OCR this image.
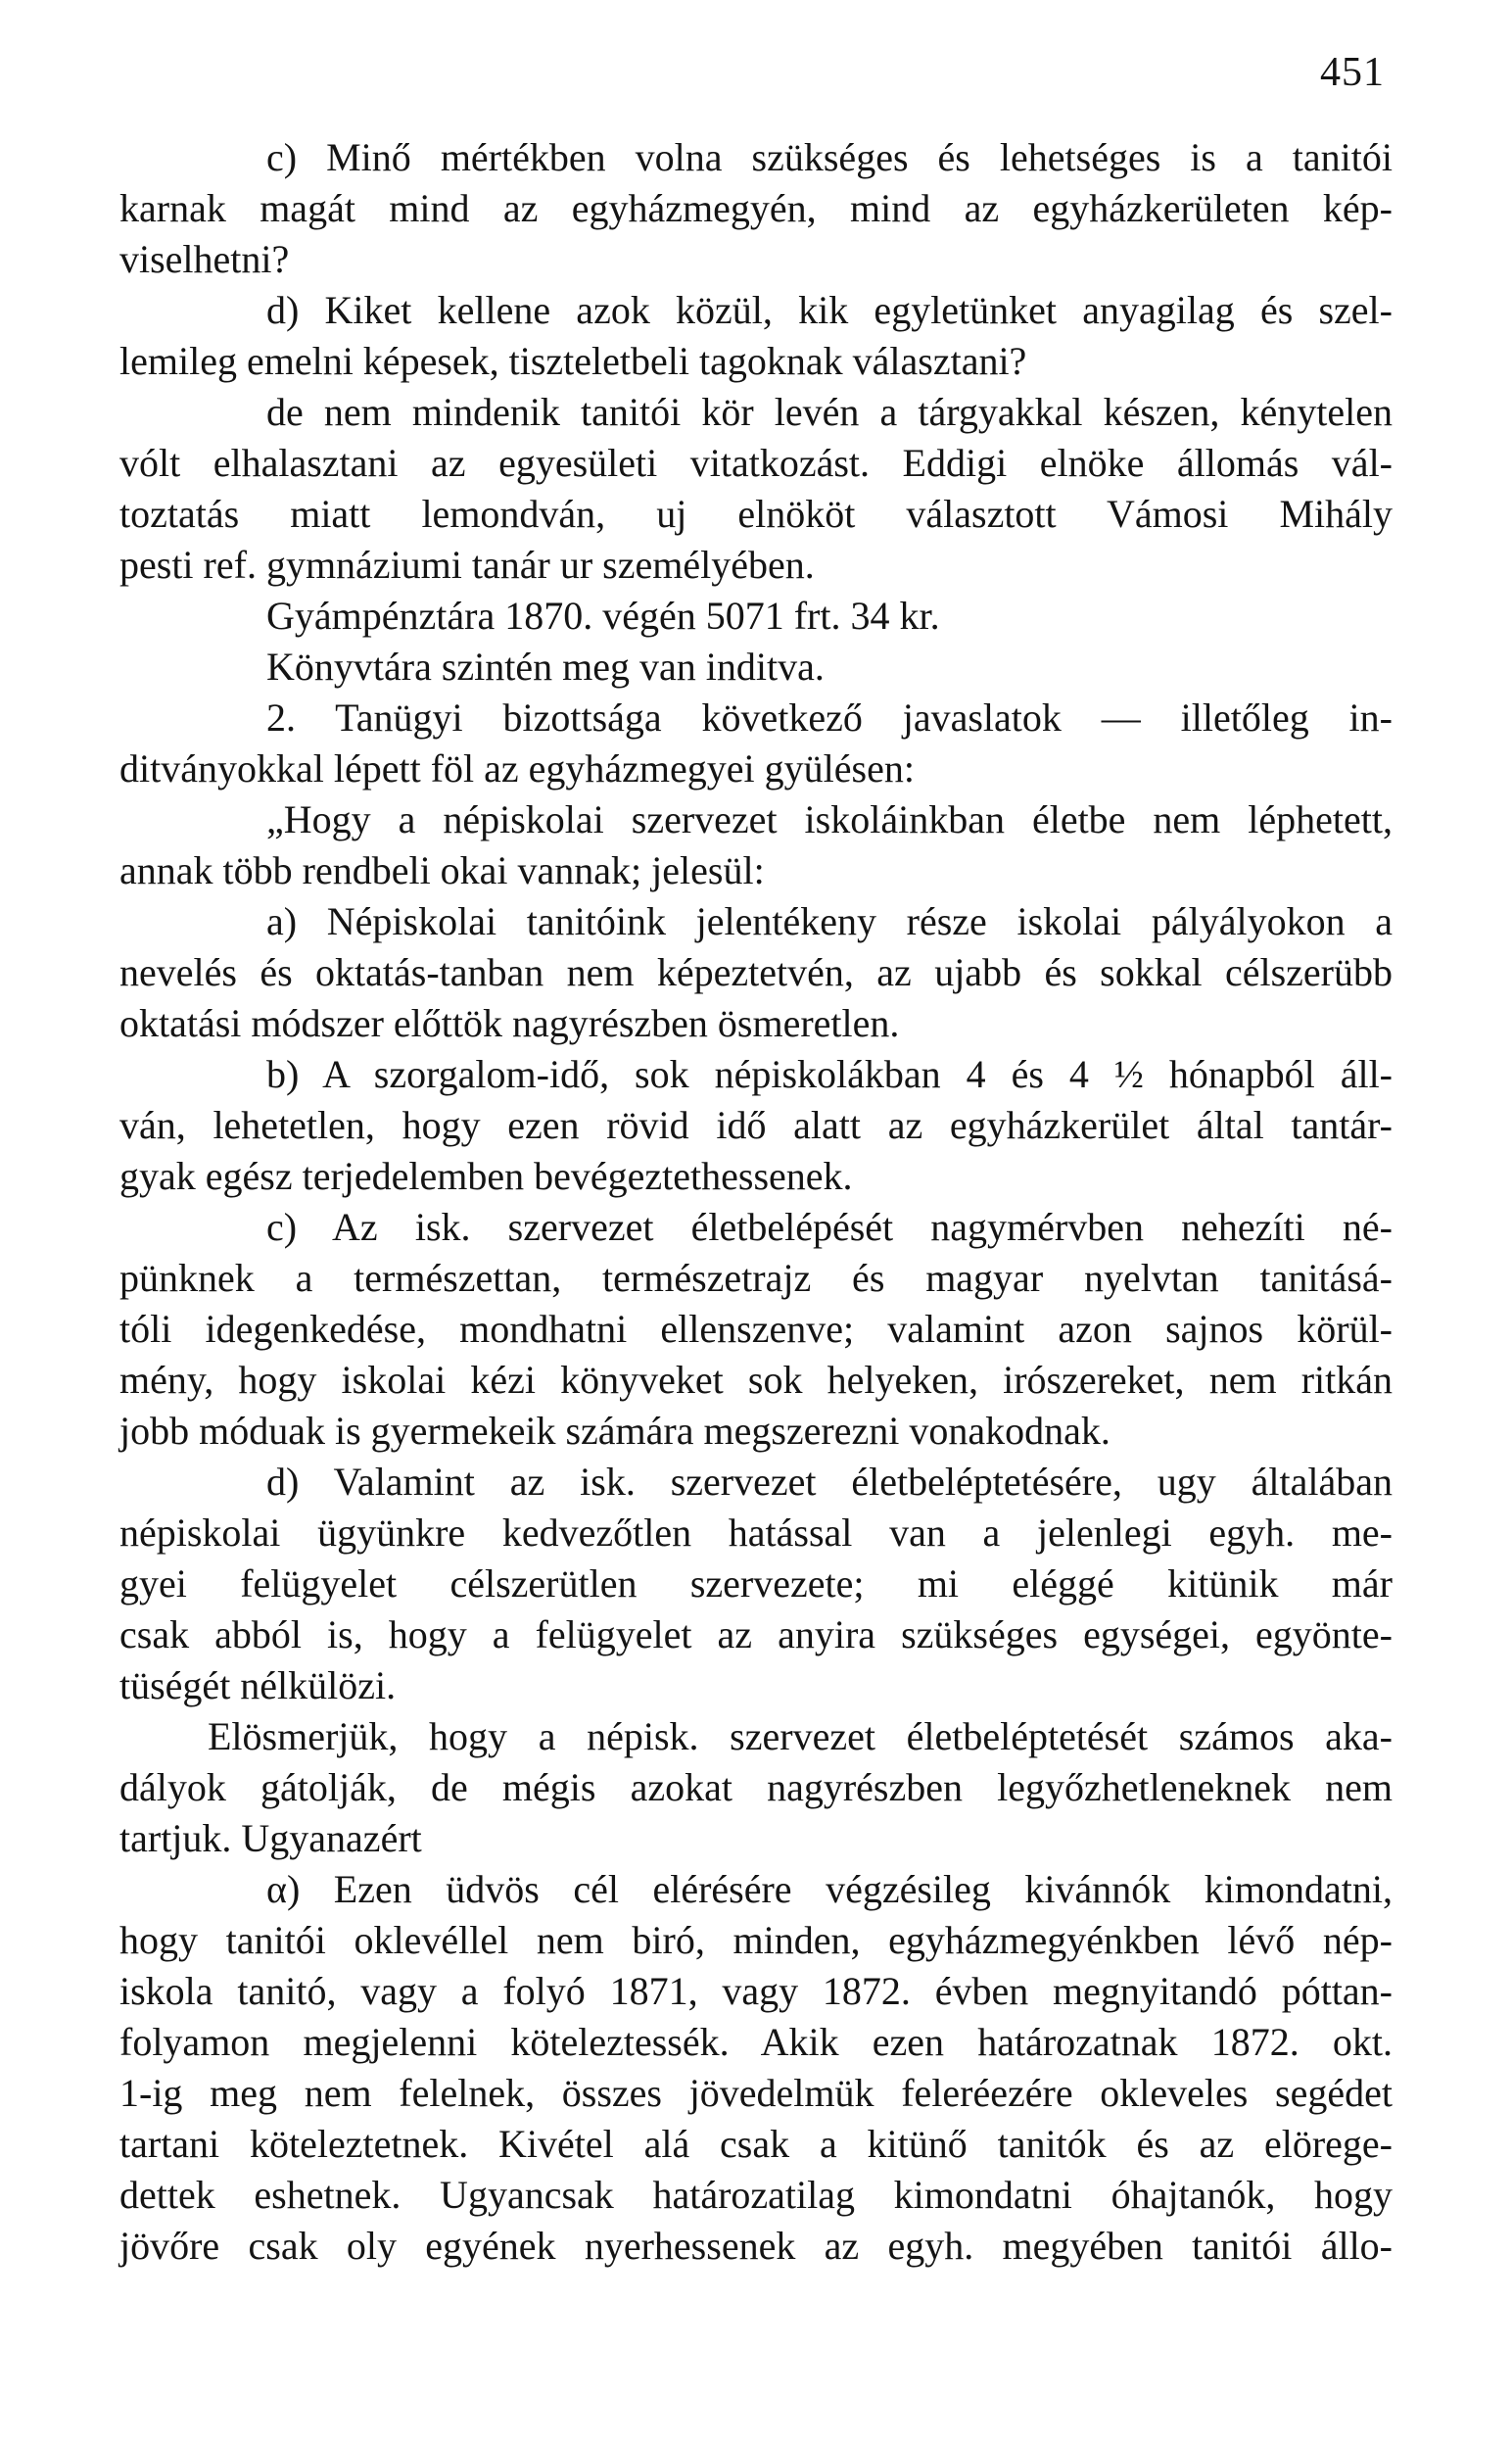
451
c) Minő mértékben volna szükséges és lehetséges is a tanitói
karnak magát mind az egyházmegyén, mind az egyházkerületen kép-
viselhetni?
d) Kiket kellene azok közül, kik egyletünket anyagilag és szel-
lemileg emelni képesek, tiszteletbeli tagoknak választani?
de nem mindenik tanitói kör levén a tárgyakkal készen, kénytelen
vólt elhalasztani az egyesületi vitatkozást. Eddigi elnöke állomás vál-
toztatás miatt lemondván, uj elnököt választott Vámosi Mihály
pesti ref. gymnáziumi tanár ur személyében.
Gyámpénztára 1870. végén 5071 frt. 34 kr.
Könyvtára szintén meg van inditva.
2. Tanügyi bizottsága következő javaslatok — illetőleg in-
ditványokkal lépett föl az egyházmegyei gyülésen:
„Hogy a népiskolai szervezet iskoláinkban életbe nem léphetett,
annak több rendbeli okai vannak; jelesül:
a) Népiskolai tanitóink jelentékeny része iskolai pályályokon a
nevelés és oktatás-tanban nem képeztetvén, az ujabb és sokkal célszerübb
oktatási módszer előttök nagyrészben ösmeretlen.
b) A szorgalom-idő, sok népiskolákban 4 és 4 ½ hónapból áll-
ván, lehetetlen, hogy ezen rövid idő alatt az egyházkerület által tantár-
gyak egész terjedelemben bevégeztethessenek.
c) Az isk. szervezet életbelépését nagymérvben nehezíti né-
pünknek a természettan, természetrajz és magyar nyelvtan tanitásá-
tóli idegenkedése, mondhatni ellenszenve; valamint azon sajnos körül-
mény, hogy iskolai kézi könyveket sok helyeken, irószereket, nem ritkán
jobb móduak is gyermekeik számára megszerezni vonakodnak.
d) Valamint az isk. szervezet életbeléptetésére, ugy általában
népiskolai ügyünkre kedvezőtlen hatással van a jelenlegi egyh. me-
gyei felügyelet célszerütlen szervezete; mi eléggé kitünik már
csak abból is, hogy a felügyelet az anyira szükséges egységei, egyönte-
tüségét nélkülözi.
Elösmerjük, hogy a népisk. szervezet életbeléptetését számos aka-
dályok gátolják, de mégis azokat nagyrészben legyőzhetleneknek nem
tartjuk. Ugyanazért
α) Ezen üdvös cél elérésére végzésileg kivánnók kimondatni,
hogy tanitói oklevéllel nem biró, minden, egyházmegyénkben lévő nép-
iskola tanitó, vagy a folyó 1871, vagy 1872. évben megnyitandó póttan-
folyamon megjelenni köteleztessék. Akik ezen határozatnak 1872. okt.
1-ig meg nem felelnek, összes jövedelmük feleréezére okleveles segédet
tartani köteleztetnek. Kivétel alá csak a kitünő tanitók és az elörege-
dettek eshetnek. Ugyancsak határozatilag kimondatni óhajtanók, hogy
jövőre csak oly egyének nyerhessenek az egyh. megyében tanitói állo-
